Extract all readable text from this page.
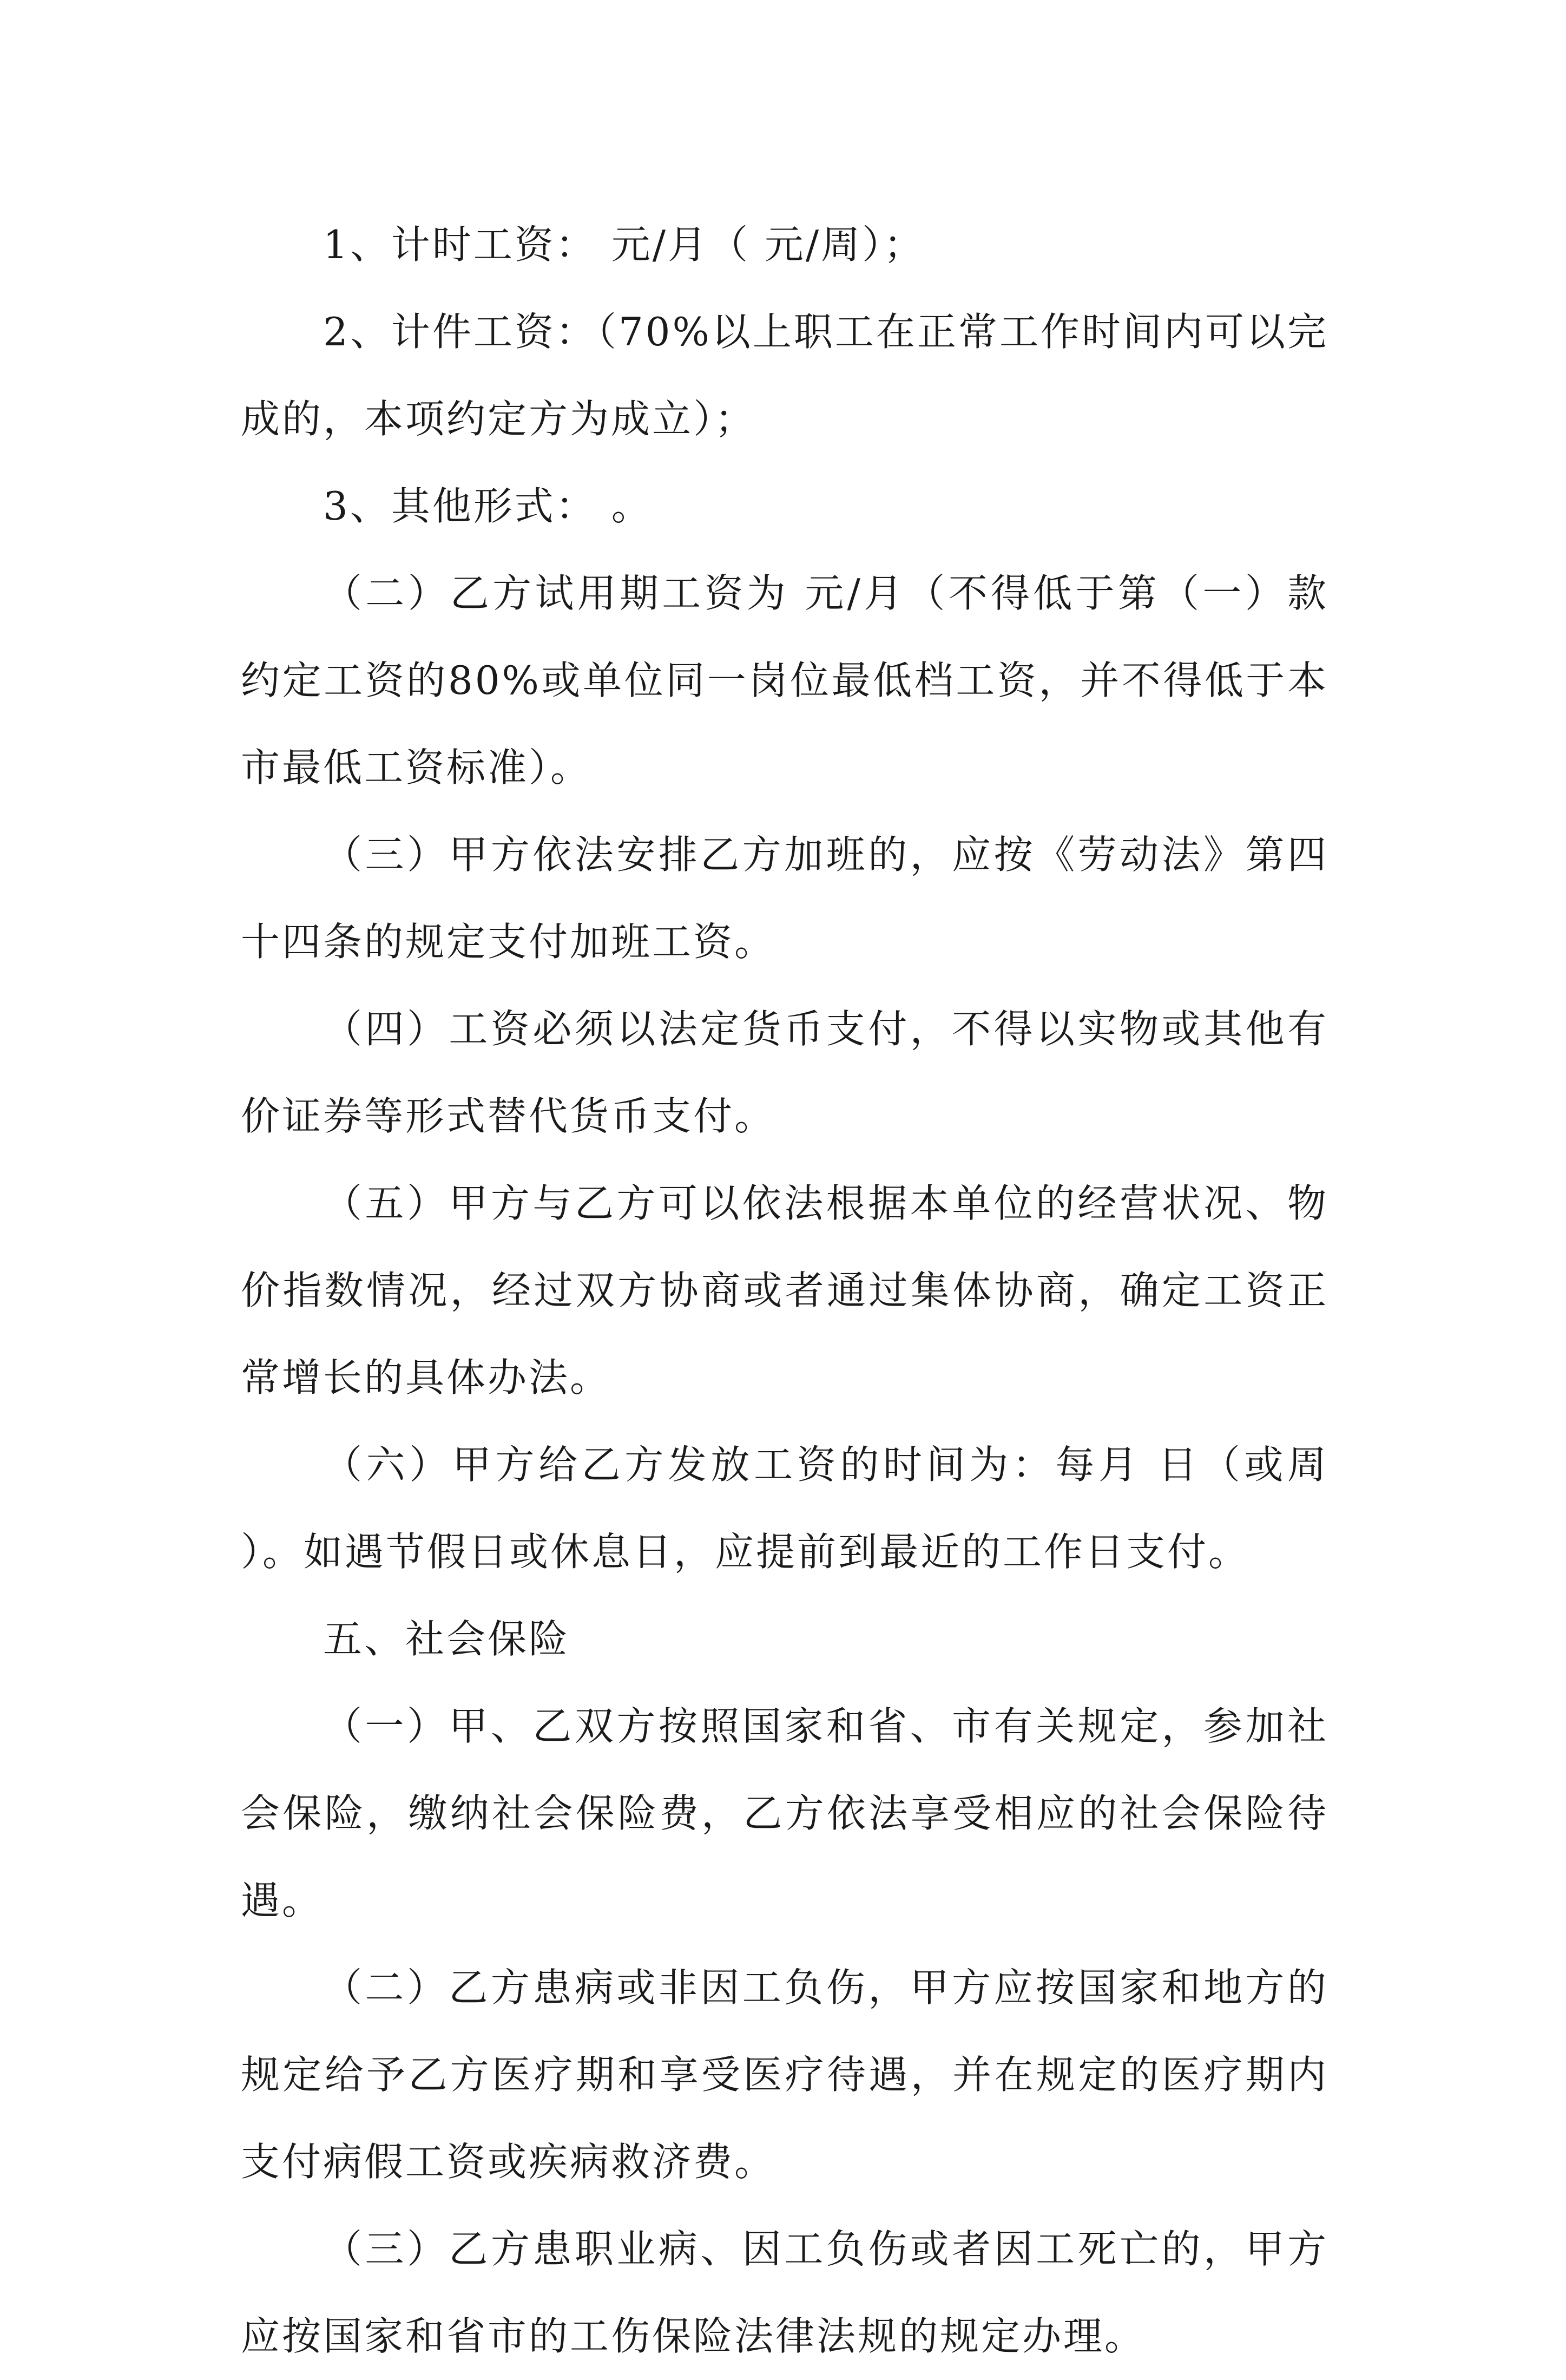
1、计时工资： 元/月（ 元/周）；

2、计件工资：（70%以上职工在正常工作时间内可以完成的，本项约定方为成立）；

3、其他形式： 。

（二）乙方试用期工资为 元/月（不得低于第（一）款约定工资的80%或单位同一岗位最低档工资，并不得低于本市最低工资标准）。

（三）甲方依法安排乙方加班的，应按《劳动法》第四十四条的规定支付加班工资。

（四）工资必须以法定货币支付，不得以实物或其他有价证券等形式替代货币支付。

（五）甲方与乙方可以依法根据本单位的经营状况、物价指数情况，经过双方协商或者通过集体协商，确定工资正常增长的具体办法。

（六）甲方给乙方发放工资的时间为：每月 日（或周 ）。如遇节假日或休息日，应提前到最近的工作日支付。

五、社会保险

（一）甲、乙双方按照国家和省、市有关规定，参加社会保险，缴纳社会保险费，乙方依法享受相应的社会保险待遇。

（二）乙方患病或非因工负伤，甲方应按国家和地方的规定给予乙方医疗期和享受医疗待遇，并在规定的医疗期内支付病假工资或疾病救济费。

（三）乙方患职业病、因工负伤或者因工死亡的，甲方应按国家和省市的工伤保险法律法规的规定办理。
